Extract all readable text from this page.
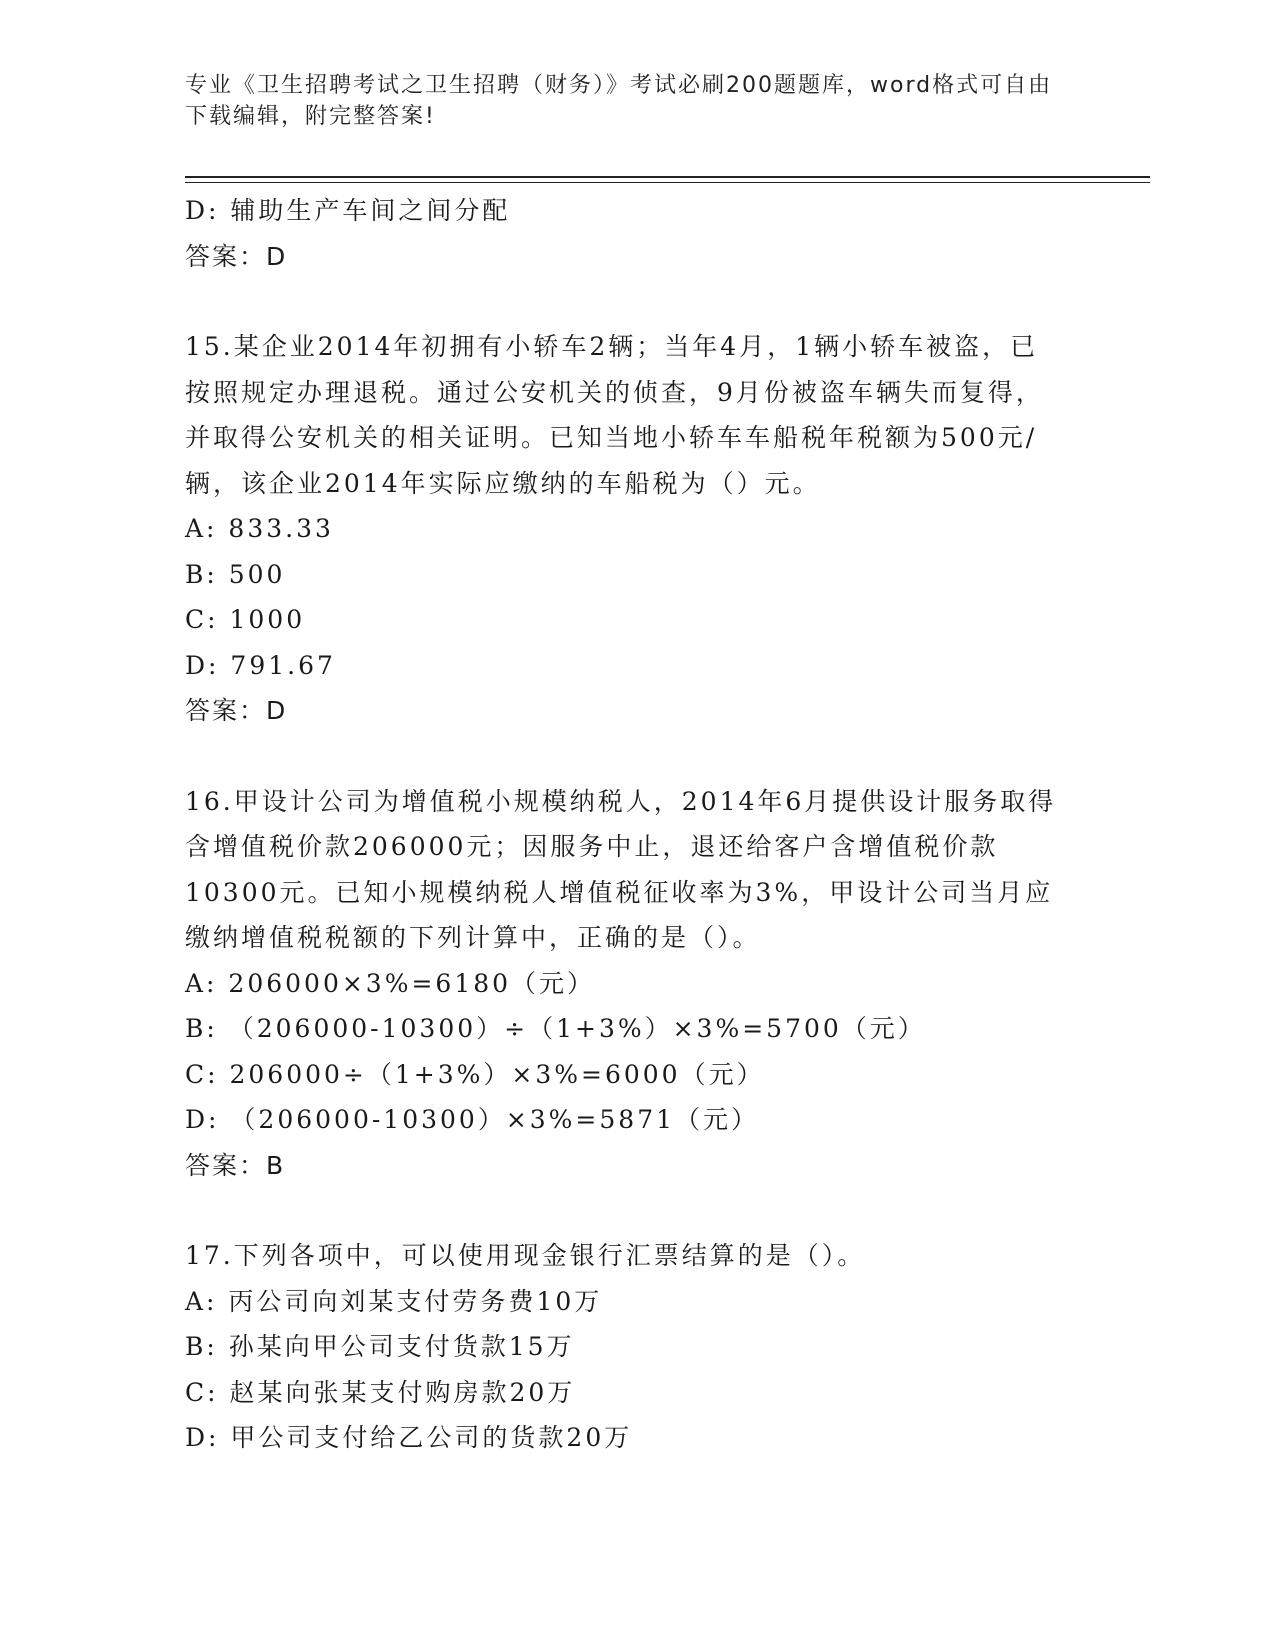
专业《卫生招聘考试之卫生招聘（财务）》考试必刷200题题库，word格式可自由下载编辑，附完整答案!
D: 辅助生产车间之间分配
答案：D
15.某企业2014年初拥有小轿车2辆；当年4月，1辆小轿车被盗，已
按照规定办理退税。通过公安机关的侦查，9月份被盗车辆失而复得，
并取得公安机关的相关证明。已知当地小轿车车船税年税额为500元/
辆，该企业2014年实际应缴纳的车船税为（）元。
A: 833.33
B: 500
C: 1000
D: 791.67
答案：D
16.甲设计公司为增值税小规模纳税人，2014年6月提供设计服务取得
含增值税价款206000元；因服务中止，退还给客户含增值税价款
10300元。已知小规模纳税人增值税征收率为3%，甲设计公司当月应
缴纳增值税税额的下列计算中，正确的是（）。
A: 206000×3%=6180（元）
B: （206000-10300）÷（1+3%）×3%=5700（元）
C: 206000÷（1+3%）×3%=6000（元）
D: （206000-10300）×3%=5871（元）
答案：B
17.下列各项中，可以使用现金银行汇票结算的是（）。
A: 丙公司向刘某支付劳务费10万
B: 孙某向甲公司支付货款15万
C: 赵某向张某支付购房款20万
D: 甲公司支付给乙公司的货款20万
